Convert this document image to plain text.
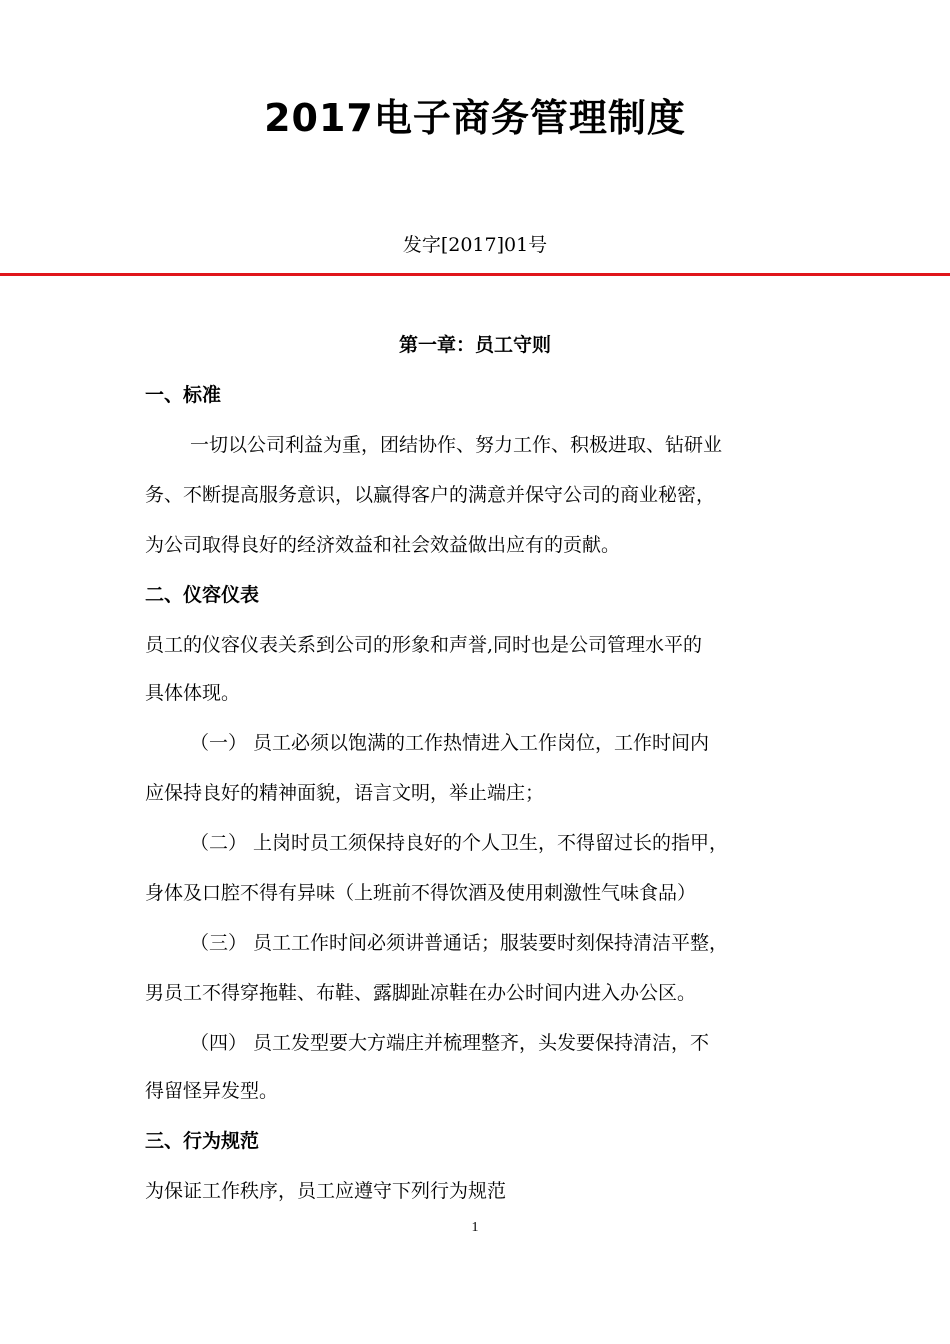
2017电子商务管理制度
发字[2017]01号
第一章：员工守则
一、标准
一切以公司利益为重，团结协作、努力工作、积极进取、钻研业
务、不断提高服务意识，以赢得客户的满意并保守公司的商业秘密，
为公司取得良好的经济效益和社会效益做出应有的贡献。
二、仪容仪表
员工的仪容仪表关系到公司的形象和声誉,同时也是公司管理水平的
具体体现。
（一） 员工必须以饱满的工作热情进入工作岗位，工作时间内
应保持良好的精神面貌，语言文明，举止端庄；
（二） 上岗时员工须保持良好的个人卫生，不得留过长的指甲，
身体及口腔不得有异味（上班前不得饮酒及使用刺激性气味食品）
（三） 员工工作时间必须讲普通话；服装要时刻保持清洁平整，
男员工不得穿拖鞋、布鞋、露脚趾凉鞋在办公时间内进入办公区。
（四） 员工发型要大方端庄并梳理整齐，头发要保持清洁，不
得留怪异发型。
三、行为规范
为保证工作秩序，员工应遵守下列行为规范
1
